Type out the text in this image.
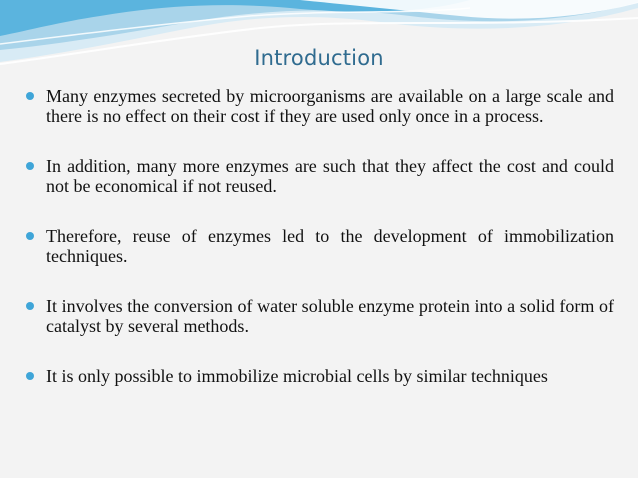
Introduction
Many enzymes secreted by microorganisms are available on a large scale and there is no effect on their cost if they are used only once in a process.
In addition, many more enzymes are such that they affect the cost and could not be economical if not reused.
Therefore, reuse of enzymes led to the development of immobilization techniques.
It involves the conversion of water soluble enzyme protein into a solid form of catalyst by several methods.
It is only possible to immobilize microbial cells by similar techniques
